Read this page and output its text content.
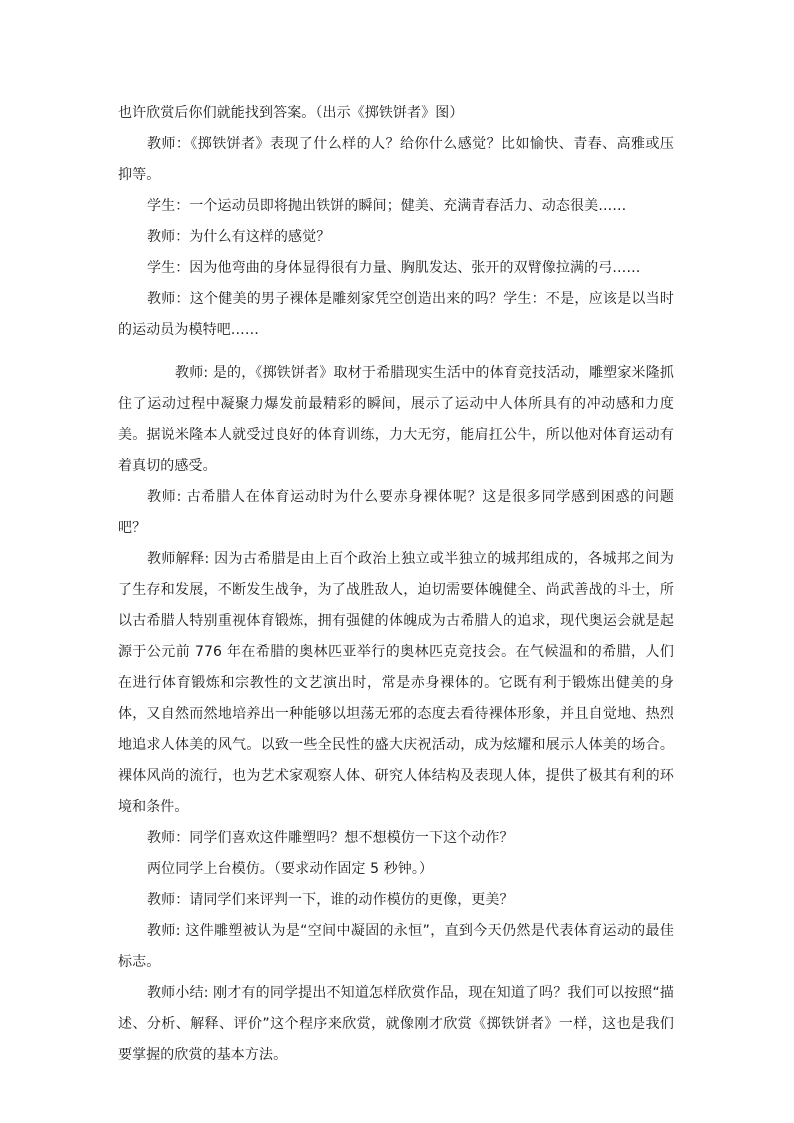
也许欣赏后你们就能找到答案。（出示《掷铁饼者》图）

教师：《掷铁饼者》表现了什么样的人？给你什么感觉？比如愉快、青春、高雅或压抑等。

学生：一个运动员即将抛出铁饼的瞬间；健美、充满青春活力、动态很美……

教师：为什么有这样的感觉？

学生：因为他弯曲的身体显得很有力量、胸肌发达、张开的双臂像拉满的弓……

教师：这个健美的男子裸体是雕刻家凭空创造出来的吗？学生：不是，应该是以当时的运动员为模特吧……

教师: 是的，《掷铁饼者》取材于希腊现实生活中的体育竞技活动，雕塑家米隆抓住了运动过程中凝聚力爆发前最精彩的瞬间，展示了运动中人体所具有的冲动感和力度美。据说米隆本人就受过良好的体育训练，力大无穷，能肩扛公牛，所以他对体育运动有着真切的感受。

教师: 古希腊人在体育运动时为什么要赤身裸体呢？这是很多同学感到困惑的问题吧？

教师解释: 因为古希腊是由上百个政治上独立或半独立的城邦组成的，各城邦之间为了生存和发展，不断发生战争，为了战胜敌人，迫切需要体魄健全、尚武善战的斗士，所以古希腊人特别重视体育锻炼，拥有强健的体魄成为古希腊人的追求，现代奥运会就是起源于公元前 776 年在希腊的奥林匹亚举行的奥林匹克竞技会。在气候温和的希腊，人们在进行体育锻炼和宗教性的文艺演出时，常是赤身裸体的。它既有利于锻炼出健美的身体，又自然而然地培养出一种能够以坦荡无邪的态度去看待裸体形象，并且自觉地、热烈地追求人体美的风气。以致一些全民性的盛大庆祝活动，成为炫耀和展示人体美的场合。裸体风尚的流行，也为艺术家观察人体、研究人体结构及表现人体，提供了极其有利的环境和条件。

教师：同学们喜欢这件雕塑吗？想不想模仿一下这个动作？

两位同学上台模仿。（要求动作固定 5 秒钟。）

教师：请同学们来评判一下，谁的动作模仿的更像，更美？

教师: 这件雕塑被认为是“空间中凝固的永恒”，直到今天仍然是代表体育运动的最佳标志。

教师小结: 刚才有的同学提出不知道怎样欣赏作品，现在知道了吗？我们可以按照“描述、分析、解释、评价”这个程序来欣赏，就像刚才欣赏《掷铁饼者》一样，这也是我们要掌握的欣赏的基本方法。
